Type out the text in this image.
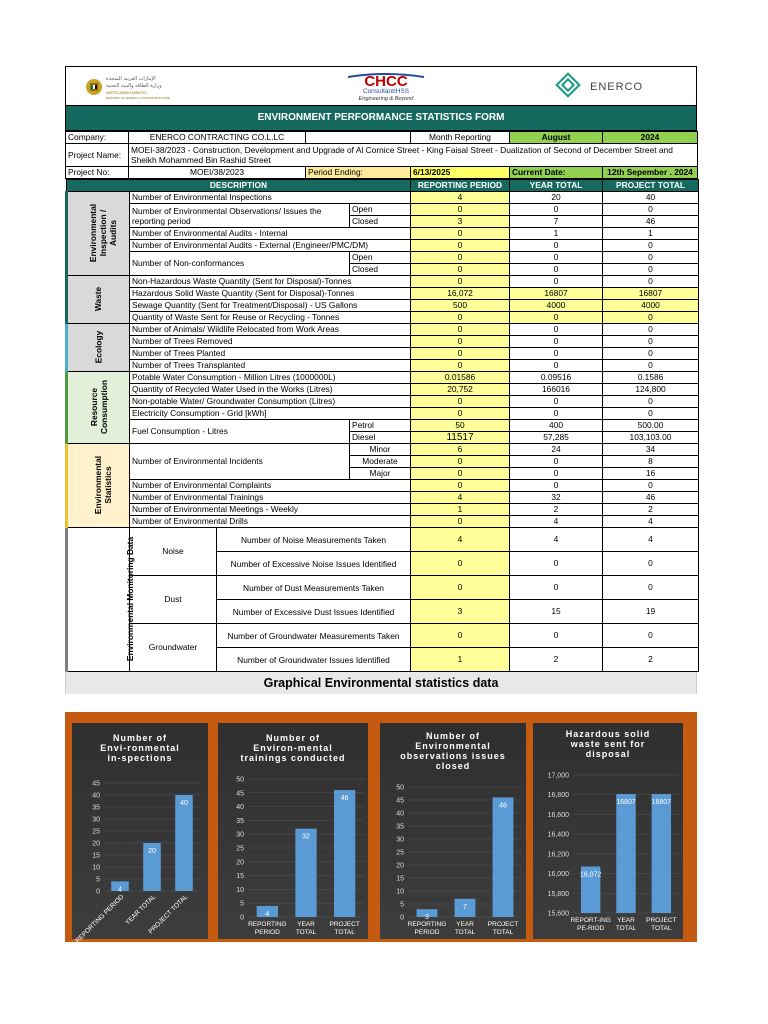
الإمارات العربية المتحدة
وزارة الطاقة والبنية التحتية
UNITED ARAB EMIRATES
MINISTRY OF ENERGY & INFRASTRUCTURE
CHCC
ConsultantIHSS
Engineering & Beyond
ENERCO
ENVIRONMENT PERFORMANCE STATISTICS FORM
Company:	ENERCO CONTRACTING CO.L.LC		Month Reporting	August	2024
Project Name:	MOEI-38/2023 - Construction, Development and Upgrade of Al Cornice Street - King Faisal Street - Dualization of Second of December Street and Sheikh Mohammed Bin Rashid Street				
Project No:	MOEI/38/2023	Period Ending:	6/13/2025	Current Date:	12th Sepember . 2024
DESCRIPTION				REPORTING PERIOD	YEAR TOTAL	PROJECT TOTAL
Environmental Inspection / Audits	Number of Environmental Inspections			4	20	40
	Number of Environmental Observations/ Issues the reporting period		Open	0	0	0
			Closed	3	7	46
	Number of Environmental Audits - Internal			0	1	1
	Number of Environmental Audits - External (Engineer/PMC/DM)			0	0	0
	Number of Non-conformances		Open	0	0	0
			Closed	0	0	0
Waste	Non-Hazardous Waste Quantity (Sent for Disposal)-Tonnes			0	0	0
	Hazardous Solid Waste Quantity (Sent for Disposal)-Tonnes			16,072	16807	16807
	Sewage Quantity (Sent for Treatment/Disposal) - US Gallons			500	4000	4000
	Quantity of Waste Sent for Reuse or Recycling - Tonnes			0	0	0
Ecology	Number of Animals/ Wildlife Relocated from Work Areas			0	0	0
	Number of Trees Removed			0	0	0
	Number of Trees Planted			0	0	0
	Number of Trees Transplanted			0	0	0
Resource Consumption	Potable Water Consumption - Million Litres (1000000L)			0.01586	0.09516	0.1586
	Quantity of Recycled Water Used in the Works (Litres)			20,752	166016	124,800
	Non-potable Water/ Groundwater Consumption (Litres)			0	0	0
	Electricity Consumption - Grid [kWh]			0	0	0
	Fuel Consumption - Litres		Petrol	50	400	500.00
			Diesel	11517	57,285	103,103.00
Environmental Statistics	Number of Environmental Incidents		Minor	6	24	34
			Moderate	0	0	8
			Major	0	0	16
	Number of Environmental Complaints			0	0	0
	Number of Environmental Trainings			4	32	46
	Number of Environmental Meetings - Weekly			1	2	2
	Number of Environmental Drills			0	4	4
Environmental Monitoring Data	Noise	Number of Noise Measurements Taken		4	4	4
		Number of Excessive Noise Issues Identified		0	0	0
	Dust	Number of Dust Measurements Taken		0	0	0
		Number of Excessive Dust Issues Identified		3	15	19
	Groundwater	Number of Groundwater Measurements Taken		0	0	0
		Number of Groundwater Issues Identified		1	2	2
Graphical Environmental statistics data
Number of
Envi-ronmental
in-spections
0
5
10
15
20
25
30
35
40
45
4
REPORTING PERIOD
20
YEAR TOTAL
40
PROJECT TOTAL
Number of
Environ-mental
trainings conducted
0
5
10
15
20
25
30
35
40
45
50
4
REPORTING
PERIOD
32
YEAR
TOTAL
46
PROJECT
TOTAL
Number of
Environmental
observations issues
closed
0
5
10
15
20
25
30
35
40
45
50
3
REPORTING
PERIOD
7
YEAR
TOTAL
46
PROJECT
TOTAL
Hazardous solid
waste sent for
disposal
15,600
15,800
16,000
16,200
16,400
16,600
16,800
17,000
16,072
REPORT-ING
PE-RIOD
16807
YEAR
TOTAL
16807
PROJECT
TOTAL
